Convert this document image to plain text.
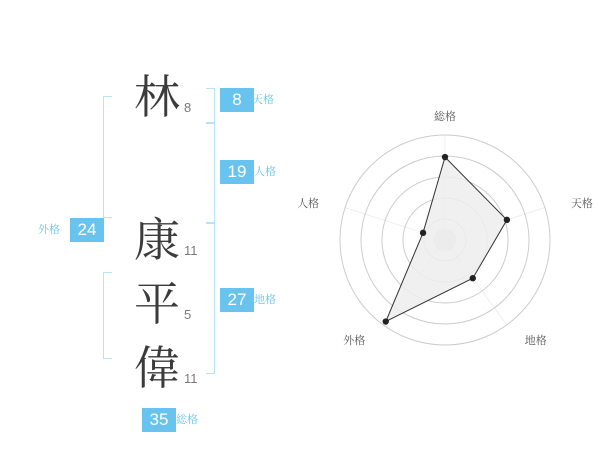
林 8
康 11
平 5
偉 11
8 天格
19 人格
27 地格
外格	24
35 総格
総格
天格
地格
外格
人格
